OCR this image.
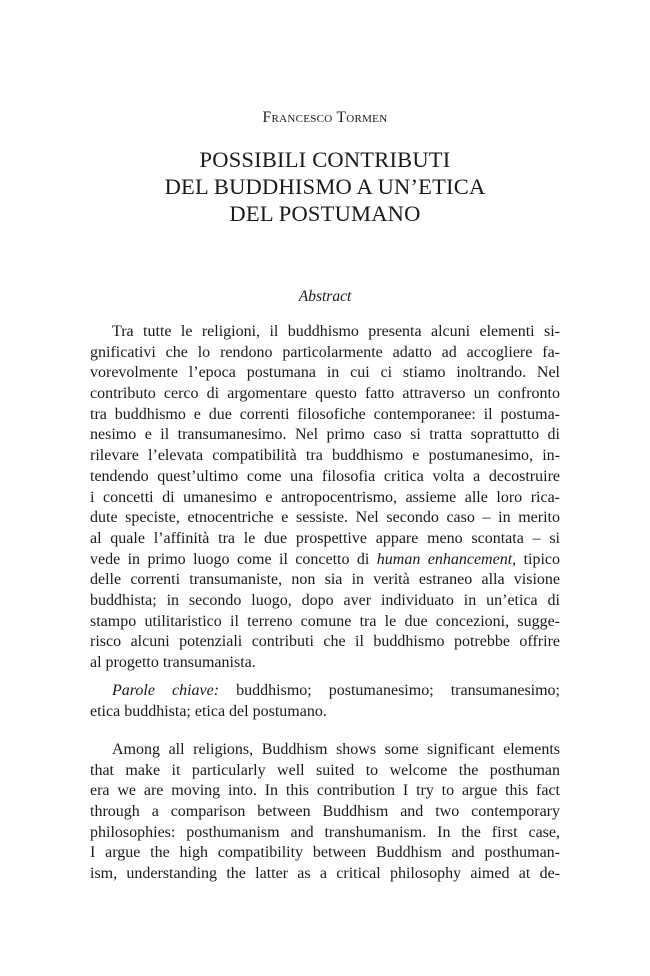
Francesco Tormen
POSSIBILI CONTRIBUTI
DEL BUDDHISMO A UN’ETICA
DEL POSTUMANO
Abstract
Tra tutte le religioni, il buddhismo presenta alcuni elementi si-
gnificativi che lo rendono particolarmente adatto ad accogliere fa-
vorevolmente l’epoca postumana in cui ci stiamo inoltrando. Nel
contributo cerco di argomentare questo fatto attraverso un confronto
tra buddhismo e due correnti filosofiche contemporanee: il postuma-
nesimo e il transumanesimo. Nel primo caso si tratta soprattutto di
rilevare l’elevata compatibilità tra buddhismo e postumanesimo, in-
tendendo quest’ultimo come una filosofia critica volta a decostruire
i concetti di umanesimo e antropocentrismo, assieme alle loro rica-
dute speciste, etnocentriche e sessiste. Nel secondo caso – in merito
al quale l’affinità tra le due prospettive appare meno scontata – si
vede in primo luogo come il concetto di human enhancement, tipico
delle correnti transumaniste, non sia in verità estraneo alla visione
buddhista; in secondo luogo, dopo aver individuato in un’etica di
stampo utilitaristico il terreno comune tra le due concezioni, sugge-
risco alcuni potenziali contributi che il buddhismo potrebbe offrire
al progetto transumanista.
Parole chiave: buddhismo; postumanesimo; transumanesimo;
etica buddhista; etica del postumano.
Among all religions, Buddhism shows some significant elements
that make it particularly well suited to welcome the posthuman
era we are moving into. In this contribution I try to argue this fact
through a comparison between Buddhism and two contemporary
philosophies: posthumanism and transhumanism. In the first case,
I argue the high compatibility between Buddhism and posthuman-
ism, understanding the latter as a critical philosophy aimed at de-
